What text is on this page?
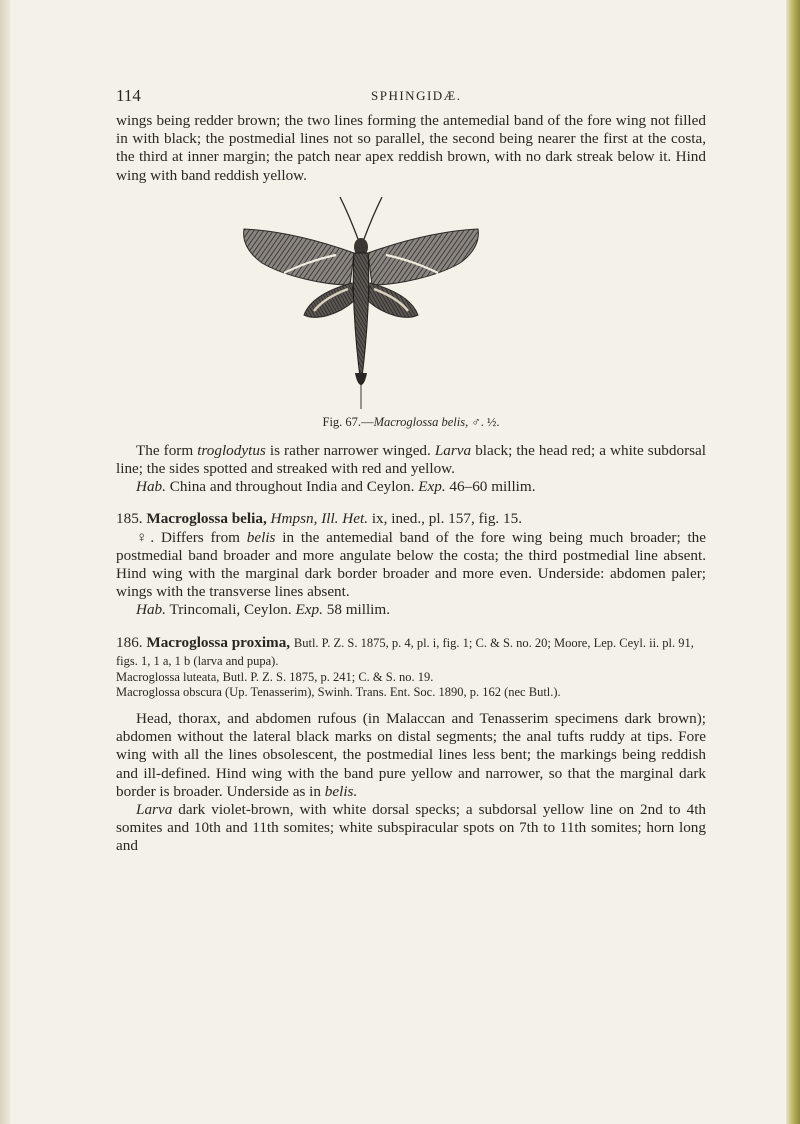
114	SPHINGIDÆ.

wings being redder brown; the two lines forming the antemedial band of the fore wing not filled in with black; the postmedial lines not so parallel, the second being nearer the first at the costa, the third at inner margin; the patch near apex reddish brown, with no dark streak below it. Hind wing with band reddish yellow.

Fig. 67.—Macroglossa belis, ♂. ½.

The form troglodytus is rather narrower winged. Larva black; the head red; a white subdorsal line; the sides spotted and streaked with red and yellow.

Hab. China and throughout India and Ceylon. Exp. 46–60 millim.

185. Macroglossa belia, Hmpsn, Ill. Het. ix, ined., pl. 157, fig. 15.

♀. Differs from belis in the antemedial band of the fore wing being much broader; the postmedial band broader and more angulate below the costa; the third postmedial line absent. Hind wing with the marginal dark border broader and more even. Underside: abdomen paler; wings with the transverse lines absent.

Hab. Trincomali, Ceylon. Exp. 58 millim.

186. Macroglossa proxima, Butl. P. Z. S. 1875, p. 4, pl. i, fig. 1; C. & S. no. 20; Moore, Lep. Ceyl. ii. pl. 91, figs. 1, 1 a, 1 b (larva and pupa).

Macroglossa luteata, Butl. P. Z. S. 1875, p. 241; C. & S. no. 19.

Macroglossa obscura (Up. Tenasserim), Swinh. Trans. Ent. Soc. 1890, p. 162 (nec Butl.).

Head, thorax, and abdomen rufous (in Malaccan and Tenasserim specimens dark brown); abdomen without the lateral black marks on distal segments; the anal tufts ruddy at tips. Fore wing with all the lines obsolescent, the postmedial lines less bent; the markings being reddish and ill-defined. Hind wing with the band pure yellow and narrower, so that the marginal dark border is broader. Underside as in belis.

Larva dark violet-brown, with white dorsal specks; a subdorsal yellow line on 2nd to 4th somites and 10th and 11th somites; white subspiracular spots on 7th to 11th somites; horn long and
